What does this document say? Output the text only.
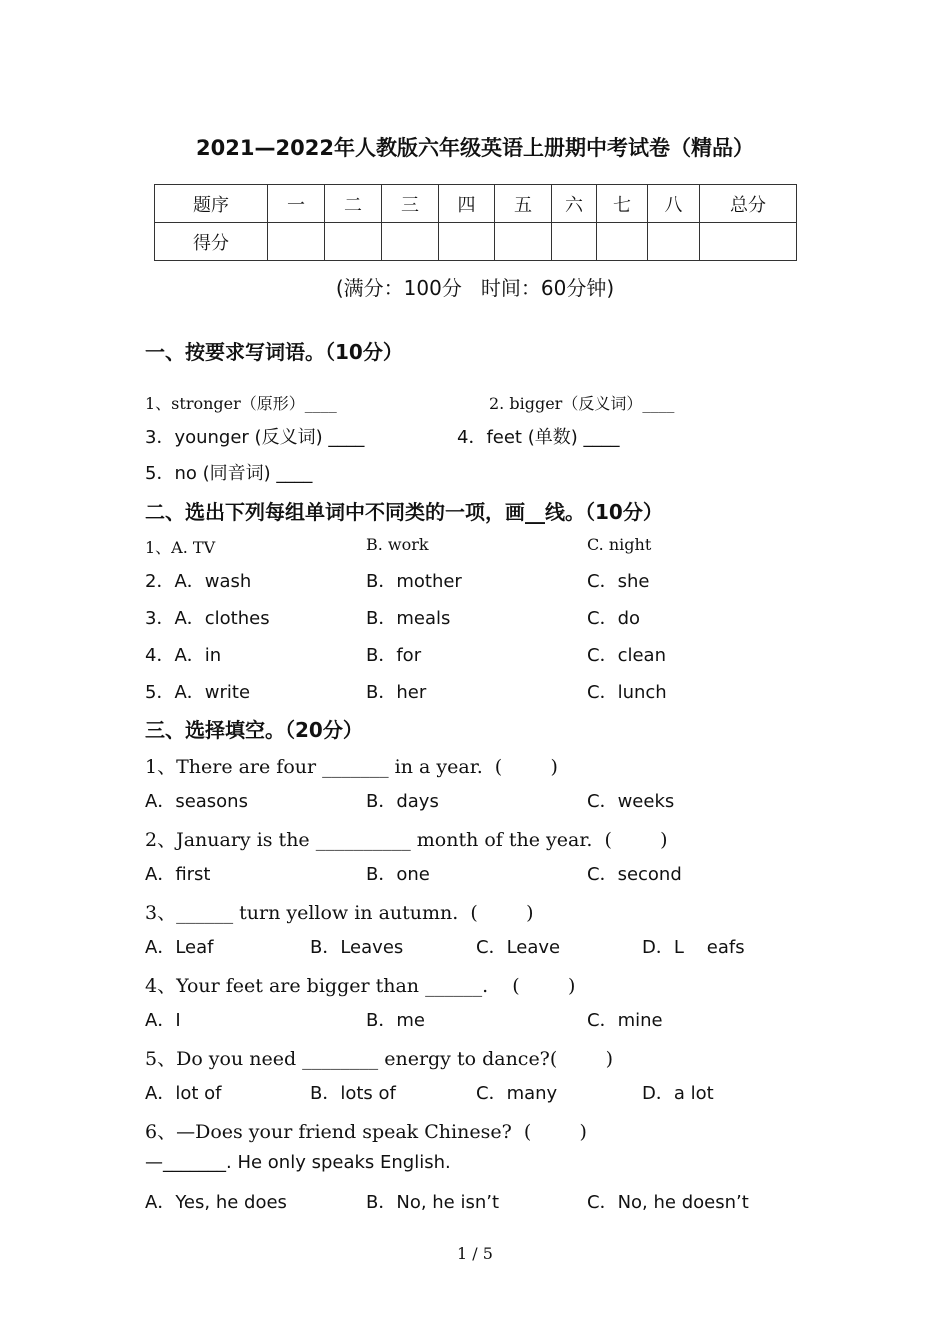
2021—2022年人教版六年级英语上册期中考试卷（精品）
题序	一	二	三	四	五	六	七	八	总分
得分									
(满分：100分   时间：60分钟)
一、按要求写词语。（10分）
1、stronger（原形）____	2. bigger（反义词）____
3．younger (反义词) ____	4．feet (单数) ____
5．no (同音词) ____
二、选出下列每组单词中不同类的一项，画__线。（10分）
1、A. TV	B. work	C. night
2．A．wash	B．mother	C．she
3．A．clothes	B．meals	C．do
4．A．in	B．for	C．clean
5．A．write	B．her	C．lunch
三、选择填空。（20分）
1、There are four _______ in a year.  (        )
A．seasons	B．days	C．weeks
2、January is the __________ month of the year.  (        )
A．first	B．one	C．second
3、______ turn yellow in autumn.  (        )
A．Leaf	B．Leaves	C．Leave	D．L    eafs
4、Your feet are bigger than ______.    (        )
A．I	B．me	C．mine
5、Do you need ________ energy to dance?(        )
A．lot of	B．lots of	C．many	D．a lot
6、—Does your friend speak Chinese?  (        )
—_______. He only speaks English.
A．Yes, he does	B．No, he isn’t	C．No, he doesn’t
1 / 5
